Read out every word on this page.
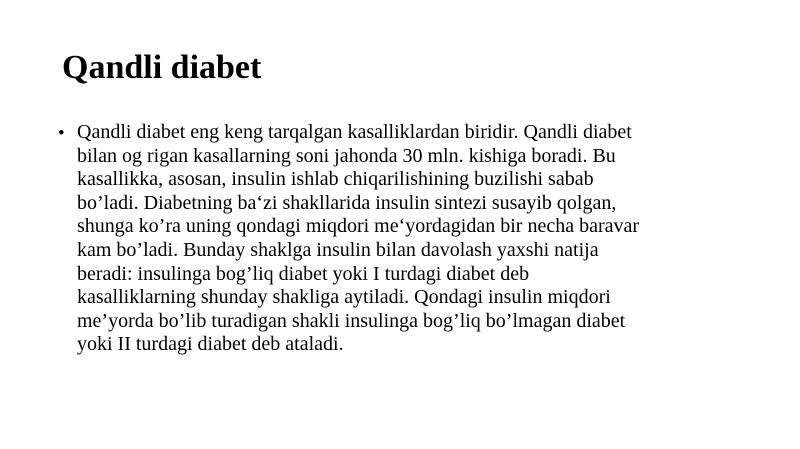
Qandli diabet
• Qandli diabet eng keng tarqalgan kasalliklardan biridir. Qandli diabet
bilan og rigan kasallarning soni jahonda 30 mln. kishiga boradi. Bu
kasallikka, asosan, insulin ishlab chiqarilishining buzilishi sabab
bo’ladi. Diabetning ba‘zi shakllarida insulin sintezi susayib qolgan,
shunga ko’ra uning qondagi miqdori me‘yordagidan bir necha baravar
kam bo’ladi. Bunday shaklga insulin bilan davolash yaxshi natija
beradi: insulinga bog’liq diabet yoki I turdagi diabet deb
kasalliklarning shunday shakliga aytiladi. Qondagi insulin miqdori
me’yorda bo’lib turadigan shakli insulinga bog’liq bo’lmagan diabet
yoki II turdagi diabet deb ataladi.
